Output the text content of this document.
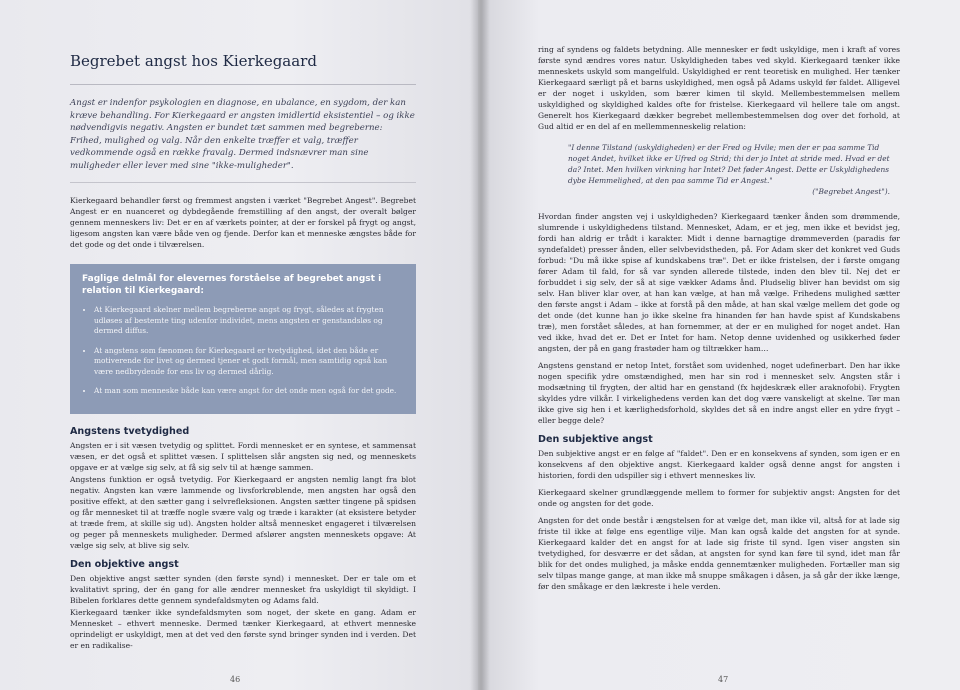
Begrebet angst hos Kierkegaard

Angst er indenfor psykologien en diagnose, en ubalance, en sygdom, der kan kræve behandling. For Kierkegaard er angsten imidlertid eksistentiel – og ikke nødvendigvis negativ. Angsten er bundet tæt sammen med begreberne: Frihed, mulighed og valg. Når den enkelte træffer et valg, træffer vedkommende også en række fravalg. Dermed indsnævrer man sine muligheder eller lever med sine "ikke-muligheder".

Kierkegaard behandler først og fremmest angsten i værket "Begrebet Angest". Begrebet Angest er en nuanceret og dybdegående fremstilling af den angst, der overalt bølger gennem menneskers liv: Det er en af værkets pointer, at der er forskel på frygt og angst, ligesom angsten kan være både ven og fjende. Derfor kan et menneske ængstes både for det gode og det onde i tilværelsen.

Faglige delmål for elevernes forståelse af begrebet angst i relation til Kierkegaard:
• At Kierkegaard skelner mellem begreberne angst og frygt, således at frygten udløses af bestemte ting udenfor individet, mens angsten er genstandsløs og dermed diffus.
• At angstens som fænomen for Kierkegaard er tvetydighed, idet den både er motiverende for livet og dermed tjener et godt formål, men samtidig også kan være nedbrydende for ens liv og dermed dårlig.
• At man som menneske både kan være angst for det onde men også for det gode.
Angstens tvetydighed

Angsten er i sit væsen tvetydig og splittet. Fordi mennesket er en syntese, et sammensat væsen, er det også et splittet væsen. I splittelsen slår angsten sig ned, og menneskets opgave er at vælge sig selv, at få sig selv til at hænge sammen.

Angstens funktion er også tvetydig. For Kierkegaard er angsten nemlig langt fra blot negativ. Angsten kan være lammende og livsforkrøblende, men angsten har også den positive effekt, at den sætter gang i selvrefleksionen. Angsten sætter tingene på spidsen og får mennesket til at træffe nogle svære valg og træde i karakter (at eksistere betyder at træde frem, at skille sig ud). Angsten holder altså mennesket engageret i tilværelsen og peger på menneskets muligheder. Dermed afslører angsten menneskets opgave: At vælge sig selv, at blive sig selv.

Den objektive angst

Den objektive angst sætter synden (den første synd) i mennesket. Der er tale om et kvalitativt spring, der én gang for alle ændrer mennesket fra uskyldigt til skyldigt. I Bibelen forklares dette gennem syndefaldsmyten og Adams fald.

Kierkegaard tænker ikke syndefaldsmyten som noget, der skete en gang. Adam er Mennesket – ethvert menneske. Dermed tænker Kierkegaard, at ethvert menneske oprindeligt er uskyldigt, men at det ved den første synd bringer synden ind i verden. Det er en radikalise-

46

ring af syndens og faldets betydning. Alle mennesker er født uskyldige, men i kraft af vores første synd ændres vores natur. Uskyldigheden tabes ved skyld. Kierkegaard tænker ikke menneskets uskyld som mangelfuld. Uskyldighed er rent teoretisk en mulighed. Her tænker Kierkegaard særligt på et barns uskyldighed, men også på Adams uskyld før faldet. Alligevel er der noget i uskylden, som bærer kimen til skyld. Mellembestemmelsen mellem uskyldighed og skyldighed kaldes ofte for fristelse. Kierkegaard vil hellere tale om angst. Generelt hos Kierkegaard dækker begrebet mellembestemmelsen dog over det forhold, at Gud altid er en del af en mellemmenneskelig relation:

"I denne Tilstand (uskyldigheden) er der Fred og Hvile; men der er paa samme Tid noget Andet, hvilket ikke er Ufred og Strid; thi der jo Intet at stride med. Hvad er det da? Intet. Men hvilken virkning har Intet? Det føder Angest. Dette er Uskyldighedens dybe Hemmelighed, at den paa samme Tid er Angest."
("Begrebet Angest").

Hvordan finder angsten vej i uskyldigheden? Kierkegaard tænker ånden som drømmende, slumrende i uskyldighedens tilstand. Mennesket, Adam, er et jeg, men ikke et bevidst jeg, fordi han aldrig er trådt i karakter. Midt i denne barnagtige drømmeverden (paradis før syndefaldet) presser ånden, eller selvbevidstheden, på. For Adam sker det konkret ved Guds forbud: "Du må ikke spise af kundskabens træ". Det er ikke fristelsen, der i første omgang fører Adam til fald, for så var synden allerede tilstede, inden den blev til. Nej det er forbuddet i sig selv, der så at sige vækker Adams ånd. Pludselig bliver han bevidst om sig selv. Han bliver klar over, at han kan vælge, at han må vælge. Frihedens mulighed sætter den første angst i Adam – ikke at forstå på den måde, at han skal vælge mellem det gode og det onde (det kunne han jo ikke skelne fra hinanden før han havde spist af Kundskabens træ), men forstået således, at han fornemmer, at der er en mulighed for noget andet. Han ved ikke, hvad det er. Det er Intet for ham. Netop denne uvidenhed og usikkerhed føder angsten, der på en gang frastøder ham og tiltrækker ham…

Angstens genstand er netop Intet, forstået som uvidenhed, noget udefinerbart. Den har ikke nogen specifik ydre omstændighed, men har sin rod i mennesket selv. Angsten står i modsætning til frygten, der altid har en genstand (fx højdeskræk eller araknofobi). Frygten skyldes ydre vilkår. I virkelighedens verden kan det dog være vanskeligt at skelne. Tør man ikke give sig hen i et kærlighedsforhold, skyldes det så en indre angst eller en ydre frygt – eller begge dele?

Den subjektive angst

Den subjektive angst er en følge af "faldet". Den er en konsekvens af synden, som igen er en konsekvens af den objektive angst. Kierkegaard kalder også denne angst for angsten i historien, fordi den udspiller sig i ethvert menneskes liv.

Kierkegaard skelner grundlæggende mellem to former for subjektiv angst: Angsten for det onde og angsten for det gode.

Angsten for det onde består i ængstelsen for at vælge det, man ikke vil, altså for at lade sig friste til ikke at følge ens egentlige vilje. Man kan også kalde det angsten for at synde. Kierkegaard kalder det en angst for at lade sig friste til synd. Igen viser angsten sin tvetydighed, for desværre er det sådan, at angsten for synd kan føre til synd, idet man får blik for det ondes mulighed, ja måske endda gennemtænker muligheden. Fortæller man sig selv tilpas mange gange, at man ikke må snuppe småkagen i dåsen, ja så går der ikke længe, før den småkage er den lækreste i hele verden.

47
